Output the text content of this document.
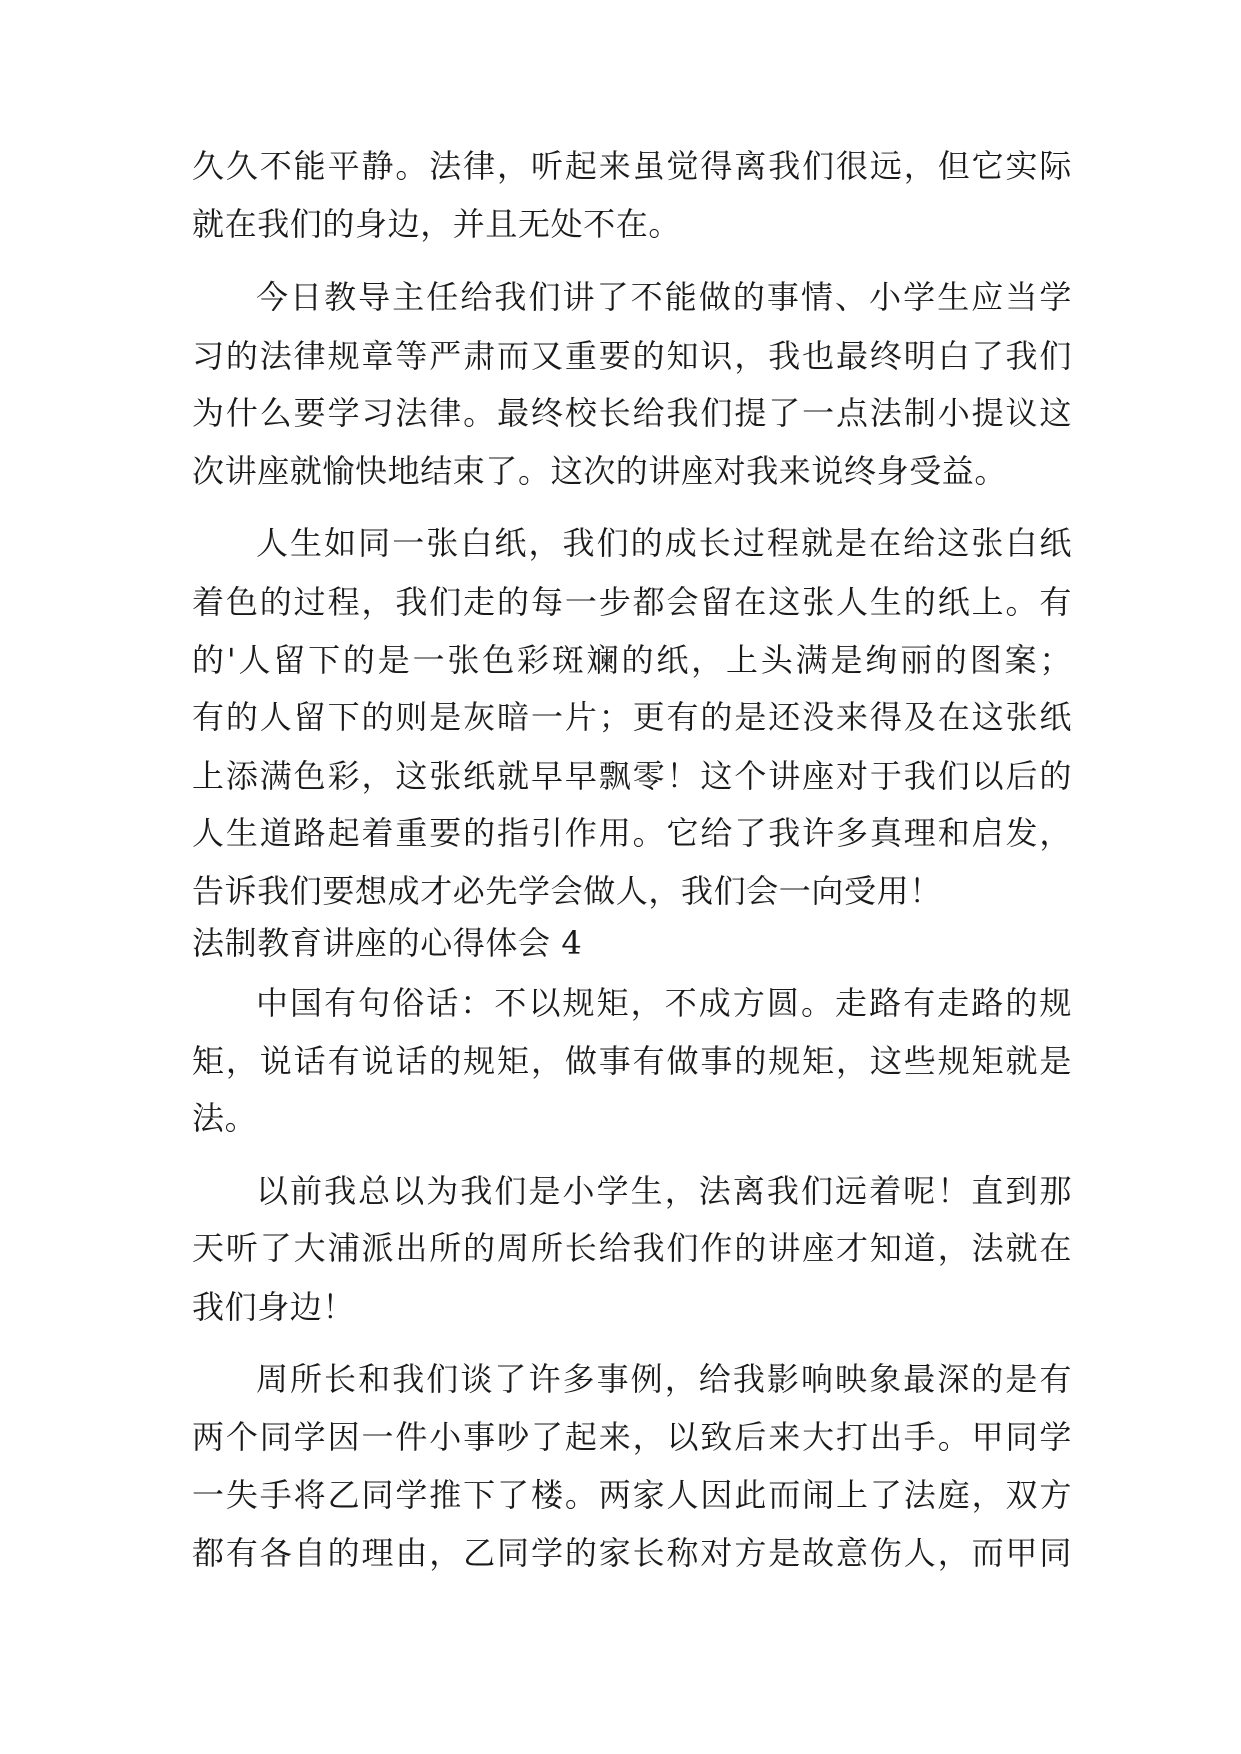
久久不能平静。法律，听起来虽觉得离我们很远，但它实际

就在我们的身边，并且无处不在。

今日教导主任给我们讲了不能做的事情、小学生应当学

习的法律规章等严肃而又重要的知识，我也最终明白了我们

为什么要学习法律。最终校长给我们提了一点法制小提议这

次讲座就愉快地结束了。这次的讲座对我来说终身受益。

人生如同一张白纸，我们的成长过程就是在给这张白纸

着色的过程，我们走的每一步都会留在这张人生的纸上。有

的'人留下的是一张色彩斑斓的纸，上头满是绚丽的图案；

有的人留下的则是灰暗一片；更有的是还没来得及在这张纸

上添满色彩，这张纸就早早飘零！这个讲座对于我们以后的

人生道路起着重要的指引作用。它给了我许多真理和启发，

告诉我们要想成才必先学会做人，我们会一向受用！

法制教育讲座的心得体会 4

中国有句俗话：不以规矩，不成方圆。走路有走路的规

矩，说话有说话的规矩，做事有做事的规矩，这些规矩就是

法。

以前我总以为我们是小学生，法离我们远着呢！直到那

天听了大浦派出所的周所长给我们作的讲座才知道，法就在

我们身边！

周所长和我们谈了许多事例，给我影响映象最深的是有

两个同学因一件小事吵了起来，以致后来大打出手。甲同学

一失手将乙同学推下了楼。两家人因此而闹上了法庭，双方

都有各自的理由，乙同学的家长称对方是故意伤人，而甲同
